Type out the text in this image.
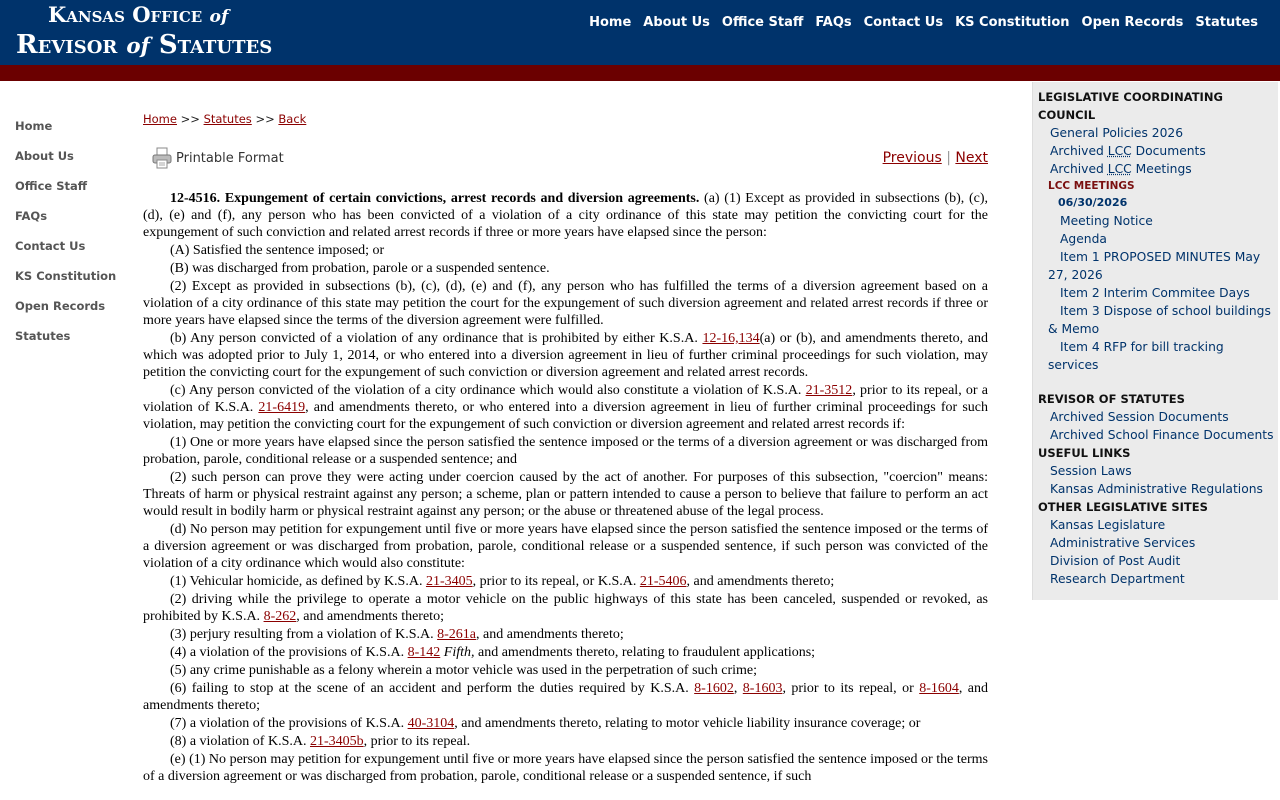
Kansas Office of
Revisor of Statutes
Home About Us Office Staff FAQs Contact Us KS Constitution Open Records Statutes
Home
About Us
Office Staff
FAQs
Contact Us
KS Constitution
Open Records
Statutes
Home >> Statutes >> Back
Printable Format	Previous | Next

12-4516. Expungement of certain convictions, arrest records and diversion agreements. (a) (1) Except as provided in subsections (b), (c), (d), (e) and (f), any person who has been convicted of a violation of a city ordinance of this state may petition the convicting court for the expungement of such conviction and related arrest records if three or more years have elapsed since the person:

(A) Satisfied the sentence imposed; or

(B) was discharged from probation, parole or a suspended sentence.

(2) Except as provided in subsections (b), (c), (d), (e) and (f), any person who has fulfilled the terms of a diversion agreement based on a violation of a city ordinance of this state may petition the court for the expungement of such diversion agreement and related arrest records if three or more years have elapsed since the terms of the diversion agreement were fulfilled.

(b) Any person convicted of a violation of any ordinance that is prohibited by either K.S.A. 12-16,134(a) or (b), and amendments thereto, and which was adopted prior to July 1, 2014, or who entered into a diversion agreement in lieu of further criminal proceedings for such violation, may petition the convicting court for the expungement of such conviction or diversion agreement and related arrest records.

(c) Any person convicted of the violation of a city ordinance which would also constitute a violation of K.S.A. 21-3512, prior to its repeal, or a violation of K.S.A. 21-6419, and amendments thereto, or who entered into a diversion agreement in lieu of further criminal proceedings for such violation, may petition the convicting court for the expungement of such conviction or diversion agreement and related arrest records if:

(1) One or more years have elapsed since the person satisfied the sentence imposed or the terms of a diversion agreement or was discharged from probation, parole, conditional release or a suspended sentence; and

(2) such person can prove they were acting under coercion caused by the act of another. For purposes of this subsection, "coercion" means: Threats of harm or physical restraint against any person; a scheme, plan or pattern intended to cause a person to believe that failure to perform an act would result in bodily harm or physical restraint against any person; or the abuse or threatened abuse of the legal process.

(d) No person may petition for expungement until five or more years have elapsed since the person satisfied the sentence imposed or the terms of a diversion agreement or was discharged from probation, parole, conditional release or a suspended sentence, if such person was convicted of the violation of a city ordinance which would also constitute:

(1) Vehicular homicide, as defined by K.S.A. 21-3405, prior to its repeal, or K.S.A. 21-5406, and amendments thereto;

(2) driving while the privilege to operate a motor vehicle on the public highways of this state has been canceled, suspended or revoked, as prohibited by K.S.A. 8-262, and amendments thereto;

(3) perjury resulting from a violation of K.S.A. 8-261a, and amendments thereto;

(4) a violation of the provisions of K.S.A. 8-142 Fifth, and amendments thereto, relating to fraudulent applications;

(5) any crime punishable as a felony wherein a motor vehicle was used in the perpetration of such crime;

(6) failing to stop at the scene of an accident and perform the duties required by K.S.A. 8-1602, 8-1603, prior to its repeal, or 8-1604, and amendments thereto;

(7) a violation of the provisions of K.S.A. 40-3104, and amendments thereto, relating to motor vehicle liability insurance coverage; or

(8) a violation of K.S.A. 21-3405b, prior to its repeal.

(e) (1) No person may petition for expungement until five or more years have elapsed since the person satisfied the sentence imposed or the terms of a diversion agreement or was discharged from probation, parole, conditional release or a suspended sentence, if such

LEGISLATIVE COORDINATING COUNCIL
General Policies 2026
Archived LCC Documents
Archived LCC Meetings
LCC MEETINGS
06/30/2026
Meeting Notice
Agenda
Item 1 PROPOSED MINUTES May 27, 2026
Item 2 Interim Commitee Days
Item 3 Dispose of school buildings & Memo
Item 4 RFP for bill tracking services
REVISOR OF STATUTES
Archived Session Documents
Archived School Finance Documents
USEFUL LINKS
Session Laws
Kansas Administrative Regulations
OTHER LEGISLATIVE SITES
Kansas Legislature
Administrative Services
Division of Post Audit
Research Department
